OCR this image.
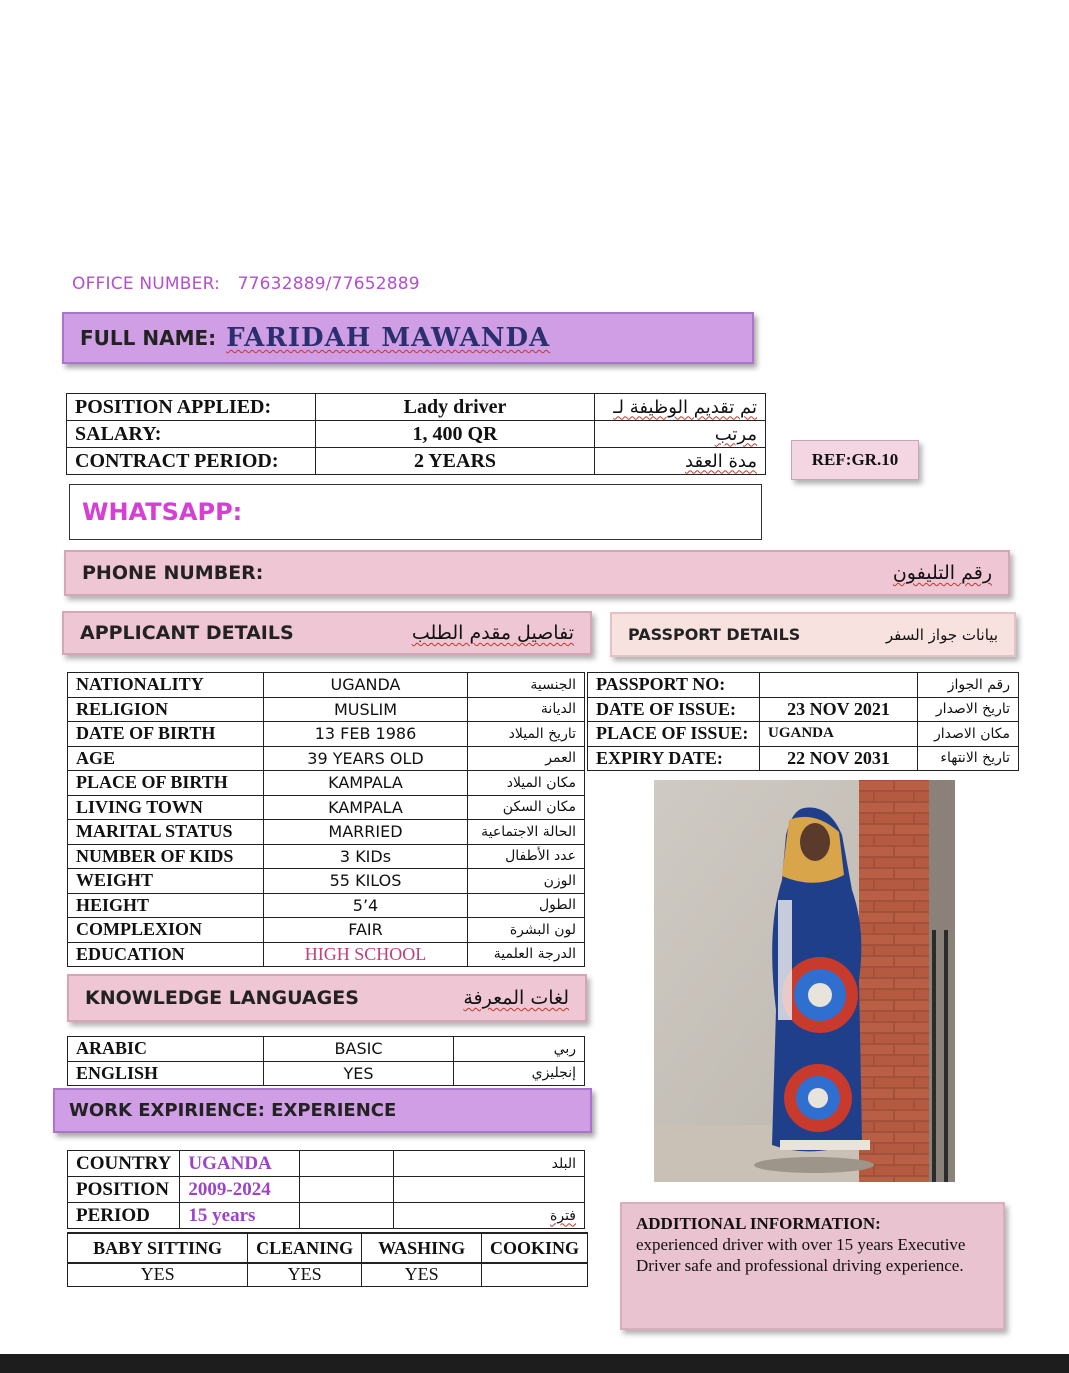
OFFICE NUMBER: 77632889/77652889
FULL NAME: FARIDAH MAWANDA
POSITION APPLIED:	Lady driver	تم تقديم الوظيفة لـ
SALARY:	1, 400 QR	مرتب
CONTRACT PERIOD:	2 YEARS	مدة العقد	REF:GR.10
WHATSAPP:
PHONE NUMBER:	رقم التليفون
APPLICANT DETAILS	تفاصيل مقدم الطلب	PASSPORT DETAILS	بيانات جواز السفر
NATIONALITY	UGANDA	الجنسية
RELIGION	MUSLIM	الديانة
DATE OF BIRTH	13 FEB 1986	تاريخ الميلاد
AGE	39 YEARS OLD	العمر
PLACE OF BIRTH	KAMPALA	مكان الميلاد
LIVING TOWN	KAMPALA	مكان السكن
MARITAL STATUS	MARRIED	الحالة الاجتماعية
NUMBER OF KIDS	3 KIDs	عدد الأطفال
WEIGHT	55 KILOS	الوزن
HEIGHT	5’4	الطول
COMPLEXION	FAIR	لون البشرة
EDUCATION	HIGH SCHOOL	الدرجة العلمية
PASSPORT NO:		رقم الجواز
DATE OF ISSUE:	23 NOV 2021	تاريخ الاصدار
PLACE OF ISSUE:	UGANDA	مكان الاصدار
EXPIRY DATE:	22 NOV 2031	تاريخ الانتهاء
KNOWLEDGE LANGUAGES	لغات المعرفة
ARABIC	BASIC	ربي
ENGLISH	YES	إنجليزي
WORK EXPIRIENCE: EXPERIENCE
COUNTRY	UGANDA		البلد
POSITION	2009-2024		
PERIOD	15 years		فترة
BABY SITTING	CLEANING	WASHING	COOKING
YES	YES	YES	
ADDITIONAL INFORMATION:
experienced driver with over 15 years Executive Driver safe and professional driving experience.
